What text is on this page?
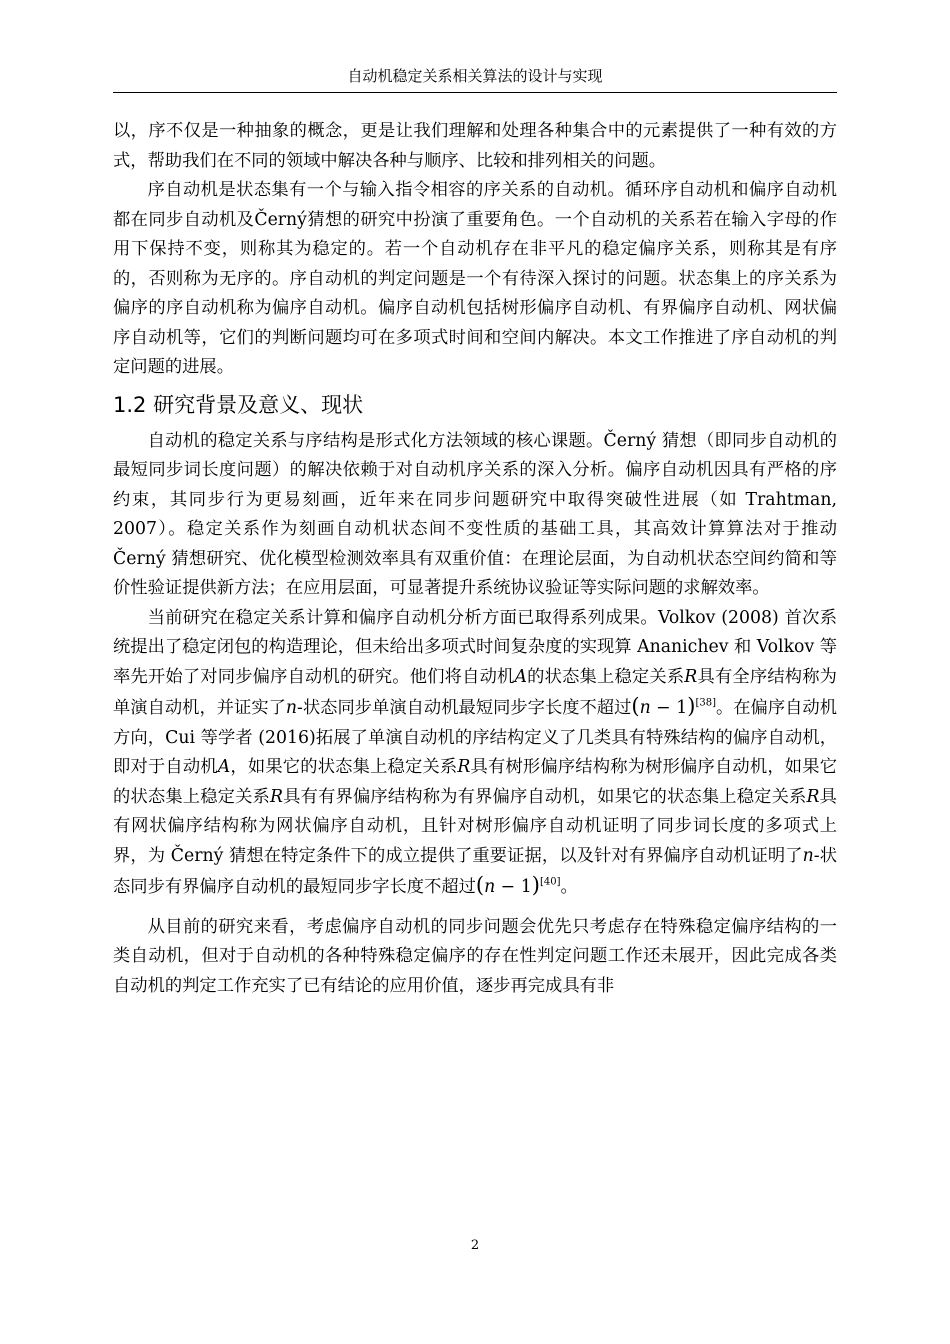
自动机稳定关系相关算法的设计与实现

以，序不仅是一种抽象的概念，更是让我们理解和处理各种集合中的元素提供了一种有效的方式，帮助我们在不同的领域中解决各种与顺序、比较和排列相关的问题。

序自动机是状态集有一个与输入指令相容的序关系的自动机。循环序自动机和偏序自动机都在同步自动机及Černý猜想的研究中扮演了重要角色。一个自动机的关系若在输入字母的作用下保持不变，则称其为稳定的。若一个自动机存在非平凡的稳定偏序关系，则称其是有序的，否则称为无序的。序自动机的判定问题是一个有待深入探讨的问题。状态集上的序关系为偏序的序自动机称为偏序自动机。偏序自动机包括树形偏序自动机、有界偏序自动机、网状偏序自动机等，它们的判断问题均可在多项式时间和空间内解决。本文工作推进了序自动机的判定问题的进展。

1.2 研究背景及意义、现状

自动机的稳定关系与序结构是形式化方法领域的核心课题。Černý 猜想（即同步自动机的最短同步词长度问题）的解决依赖于对自动机序关系的深入分析。偏序自动机因具有严格的序约束，其同步行为更易刻画，近年来在同步问题研究中取得突破性进展（如 Trahtman, 2007）。稳定关系作为刻画自动机状态间不变性质的基础工具，其高效计算算法对于推动 Černý 猜想研究、优化模型检测效率具有双重价值：在理论层面，为自动机状态空间约简和等价性验证提供新方法；在应用层面，可显著提升系统协议验证等实际问题的求解效率。

当前研究在稳定关系计算和偏序自动机分析方面已取得系列成果。Volkov (2008) 首次系统提出了稳定闭包的构造理论，但未给出多项式时间复杂度的实现算 Ananichev 和 Volkov 等率先开始了对同步偏序自动机的研究。他们将自动机A的状态集上稳定关系R具有全序结构称为单演自动机，并证实了n-状态同步单演自动机最短同步字长度不超过(n − 1)[38]。在偏序自动机方向，Cui 等学者 (2016)拓展了单演自动机的序结构定义了几类具有特殊结构的偏序自动机，即对于自动机A，如果它的状态集上稳定关系R具有树形偏序结构称为树形偏序自动机，如果它的状态集上稳定关系R具有有界偏序结构称为有界偏序自动机，如果它的状态集上稳定关系R具有网状偏序结构称为网状偏序自动机，且针对树形偏序自动机证明了同步词长度的多项式上界，为 Černý 猜想在特定条件下的成立提供了重要证据，以及针对有界偏序自动机证明了n-状态同步有界偏序自动机的最短同步字长度不超过(n − 1)[40]。

从目前的研究来看，考虑偏序自动机的同步问题会优先只考虑存在特殊稳定偏序结构的一类自动机，但对于自动机的各种特殊稳定偏序的存在性判定问题工作还未展开，因此完成各类自动机的判定工作充实了已有结论的应用价值，逐步再完成具有非

2
